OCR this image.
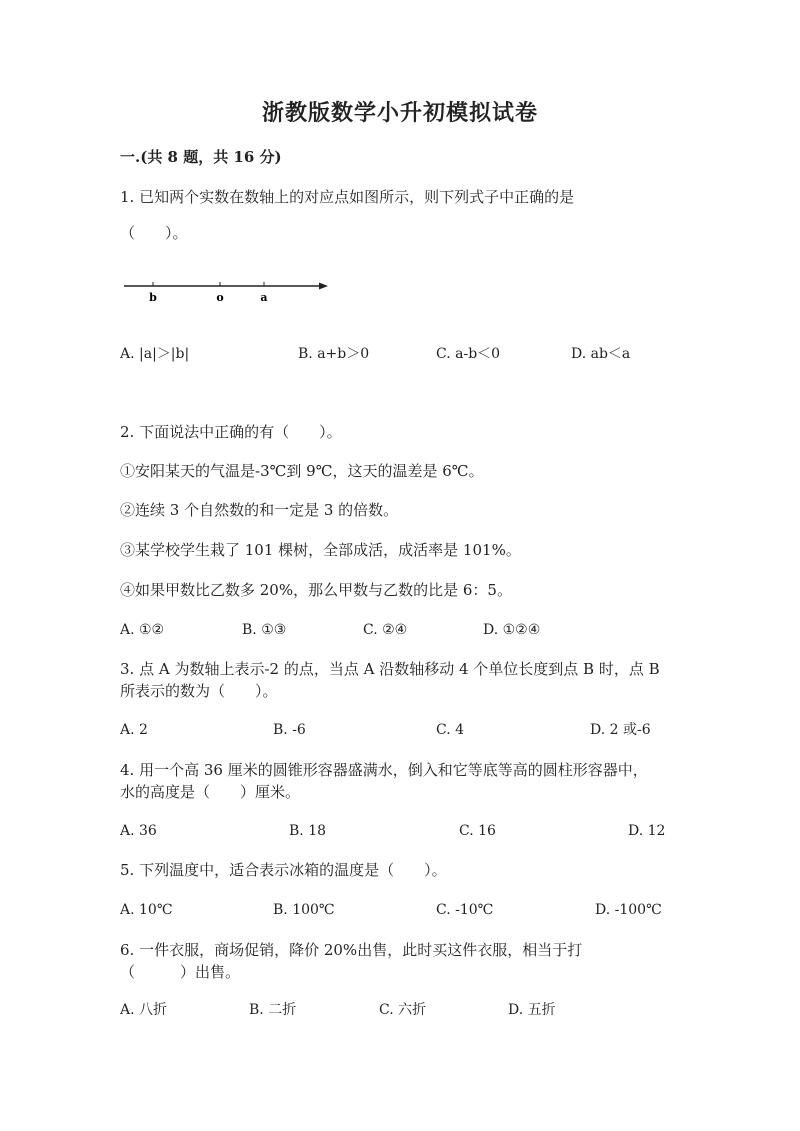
浙教版数学小升初模拟试卷
一.(共 8 题，共 16 分)
1. 已知两个实数在数轴上的对应点如图所示，则下列式子中正确的是
（　　）。
b	o	a
A. |a|＞|b|	B. a+b＞0	C. a-b＜0	D. ab＜a
2. 下面说法中正确的有（　　）。
①安阳某天的气温是-3℃到 9℃，这天的温差是 6℃。
②连续 3 个自然数的和一定是 3 的倍数。
③某学校学生栽了 101 棵树，全部成活，成活率是 101%。
④如果甲数比乙数多 20%，那么甲数与乙数的比是 6：5。
A. ①②	B. ①③	C. ②④	D. ①②④
3. 点 A 为数轴上表示-2 的点，当点 A 沿数轴移动 4 个单位长度到点 B 时，点 B
所表示的数为（　　）。
A. 2	B. -6	C. 4	D. 2 或-6
4. 用一个高 36 厘米的圆锥形容器盛满水，倒入和它等底等高的圆柱形容器中，
水的高度是（　　）厘米。
A. 36	B. 18	C. 16	D. 12
5. 下列温度中，适合表示冰箱的温度是（　　）。
A. 10℃	B. 100℃	C. -10℃	D. -100℃
6. 一件衣服，商场促销，降价 20%出售，此时买这件衣服，相当于打
（　　　）出售。
A. 八折	B. 二折	C. 六折	D. 五折
